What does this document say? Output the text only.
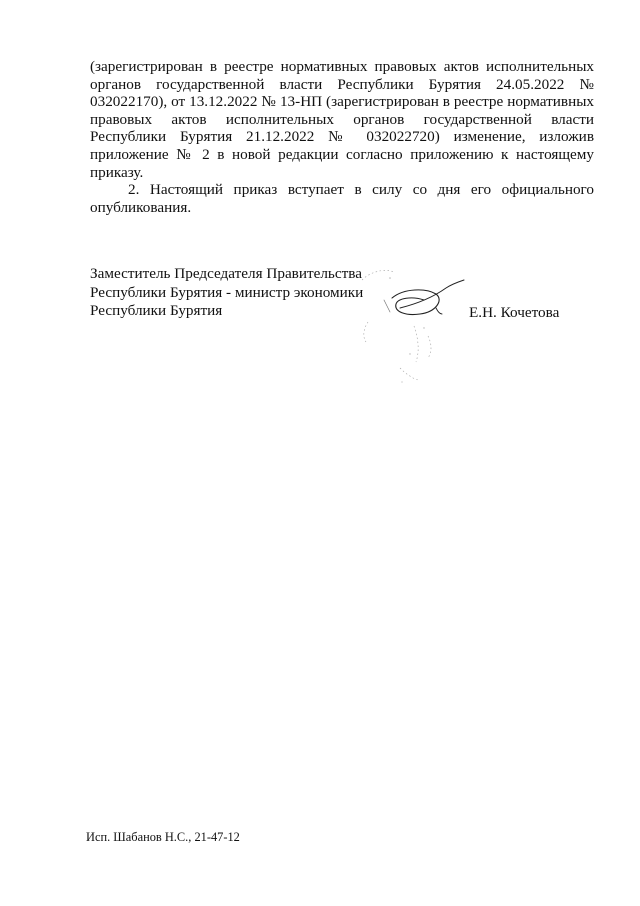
(зарегистрирован в реестре нормативных правовых актов исполнительных
органов государственной власти Республики Бурятия 24.05.2022 №
032022170), от 13.12.2022 № 13-НП (зарегистрирован в реестре нормативных
правовых актов исполнительных органов государственной власти
Республики Бурятия 21.12.2022 № 032022720) изменение, изложив
приложение № 2 в новой редакции согласно приложению к настоящему
приказу.
2. Настоящий приказ вступает в силу со дня его официального
опубликования.
Заместитель Председателя Правительства
Республики Бурятия - министр экономики
Республики Бурятия	Е.Н. Кочетова
Исп. Шабанов Н.С., 21-47-12
